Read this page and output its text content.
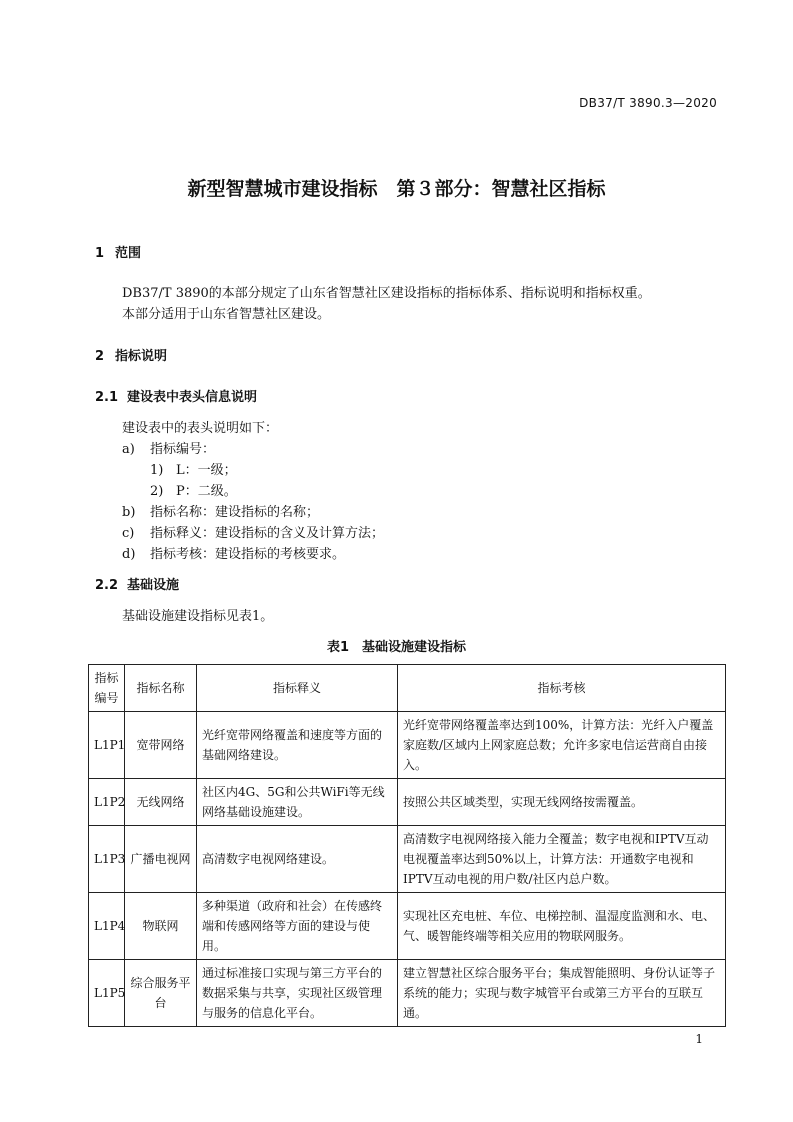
DB37/T 3890.3—2020
新型智慧城市建设指标　第３部分：智慧社区指标
1 范围
DB37/T 3890的本部分规定了山东省智慧社区建设指标的指标体系、指标说明和指标权重。
本部分适用于山东省智慧社区建设。
2 指标说明
2.1 建设表中表头信息说明
建设表中的表头说明如下：
a) 指标编号：
1) L：一级；
2) P：二级。
b) 指标名称：建设指标的名称；
c) 指标释义：建设指标的含义及计算方法；
d) 指标考核：建设指标的考核要求。
2.2 基础设施
基础设施建设指标见表1。
表1　基础设施建设指标
指标编号	指标名称	指标释义	指标考核
L1P1	宽带网络	光纤宽带网络覆盖和速度等方面的基础网络建设。	光纤宽带网络覆盖率达到100%，计算方法：光纤入户覆盖家庭数/区域内上网家庭总数；允许多家电信运营商自由接入。
L1P2	无线网络	社区内4G、5G和公共WiFi等无线网络基础设施建设。	按照公共区域类型，实现无线网络按需覆盖。
L1P3	广播电视网	高清数字电视网络建设。	高清数字电视网络接入能力全覆盖；数字电视和IPTV互动电视覆盖率达到50%以上，计算方法：开通数字电视和IPTV互动电视的用户数/社区内总户数。
L1P4	物联网	多种渠道（政府和社会）在传感终端和传感网络等方面的建设与使用。	实现社区充电桩、车位、电梯控制、温湿度监测和水、电、气、暖智能终端等相关应用的物联网服务。
L1P5	综合服务平台	通过标准接口实现与第三方平台的数据采集与共享，实现社区级管理与服务的信息化平台。	建立智慧社区综合服务平台；集成智能照明、身份认证等子系统的能力；实现与数字城管平台或第三方平台的互联互通。
1
